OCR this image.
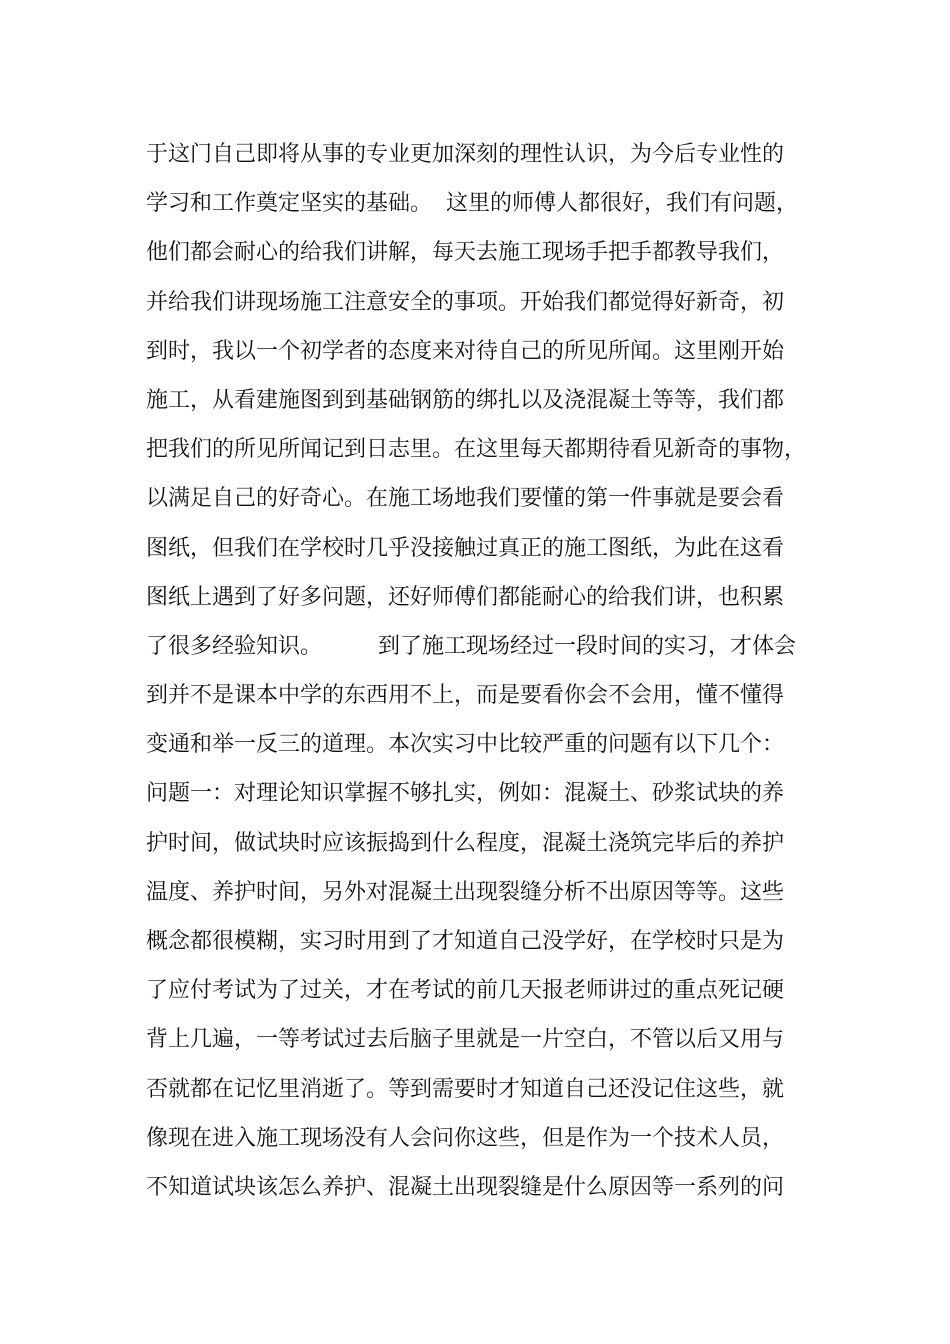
于这门自己即将从事的专业更加深刻的理性认识，为今后专业性的
学习和工作奠定坚实的基础。  这里的师傅人都很好，我们有问题，
他们都会耐心的给我们讲解，每天去施工现场手把手都教导我们，
并给我们讲现场施工注意安全的事项。开始我们都觉得好新奇，初
到时，我以一个初学者的态度来对待自己的所见所闻。这里刚开始
施工，从看建施图到到基础钢筋的绑扎以及浇混凝土等等，我们都
把我们的所见所闻记到日志里。在这里每天都期待看见新奇的事物，
以满足自己的好奇心。在施工场地我们要懂的第一件事就是要会看
图纸，但我们在学校时几乎没接触过真正的施工图纸，为此在这看
图纸上遇到了好多问题，还好师傅们都能耐心的给我们讲，也积累
了很多经验知识。        到了施工现场经过一段时间的实习，才体会
到并不是课本中学的东西用不上，而是要看你会不会用，懂不懂得
变通和举一反三的道理。本次实习中比较严重的问题有以下几个：
问题一：对理论知识掌握不够扎实，例如：混凝土、砂浆试块的养
护时间，做试块时应该振捣到什么程度，混凝土浇筑完毕后的养护
温度、养护时间，另外对混凝土出现裂缝分析不出原因等等。这些
概念都很模糊，实习时用到了才知道自己没学好，在学校时只是为
了应付考试为了过关，才在考试的前几天报老师讲过的重点死记硬
背上几遍，一等考试过去后脑子里就是一片空白，不管以后又用与
否就都在记忆里消逝了。等到需要时才知道自己还没记住这些，就
像现在进入施工现场没有人会问你这些，但是作为一个技术人员，
不知道试块该怎么养护、混凝土出现裂缝是什么原因等一系列的问
